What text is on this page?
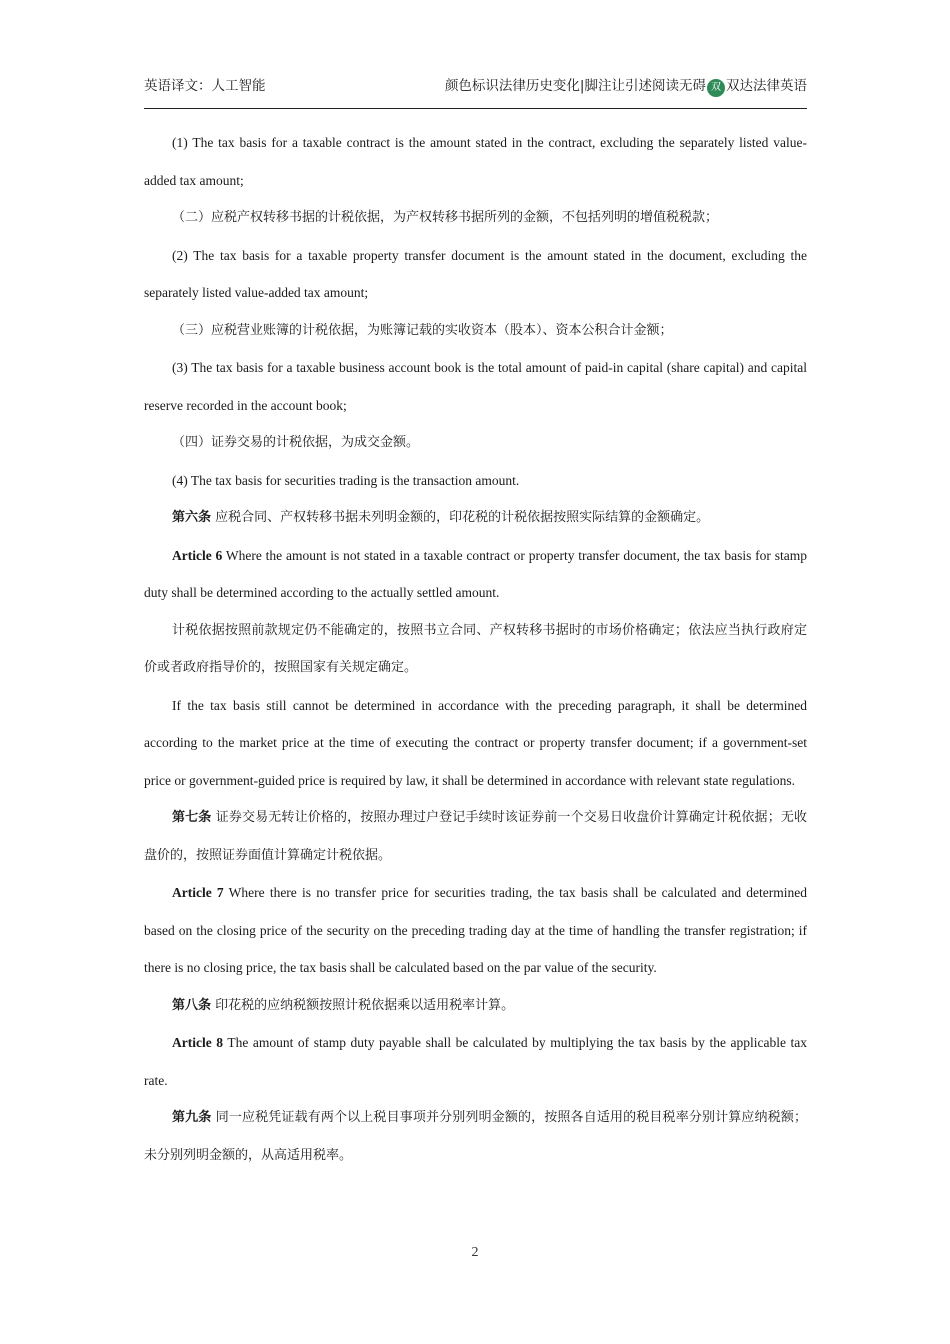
英语译文：人工智能	颜色标识法律历史变化|脚注让引述阅读无碍 双 双达法律英语

(1) The tax basis for a taxable contract is the amount stated in the contract, excluding the separately listed value-added tax amount;

（二）应税产权转移书据的计税依据，为产权转移书据所列的金额，不包括列明的增值税税款；

(2) The tax basis for a taxable property transfer document is the amount stated in the document, excluding the separately listed value-added tax amount;

（三）应税营业账簿的计税依据，为账簿记载的实收资本（股本）、资本公积合计金额；

(3) The tax basis for a taxable business account book is the total amount of paid-in capital (share capital) and capital reserve recorded in the account book;

（四）证券交易的计税依据，为成交金额。

(4) The tax basis for securities trading is the transaction amount.

第六条 应税合同、产权转移书据未列明金额的，印花税的计税依据按照实际结算的金额确定。

Article 6 Where the amount is not stated in a taxable contract or property transfer document, the tax basis for stamp duty shall be determined according to the actually settled amount.

计税依据按照前款规定仍不能确定的，按照书立合同、产权转移书据时的市场价格确定；依法应当执行政府定价或者政府指导价的，按照国家有关规定确定。

If the tax basis still cannot be determined in accordance with the preceding paragraph, it shall be determined according to the market price at the time of executing the contract or property transfer document; if a government-set price or government-guided price is required by law, it shall be determined in accordance with relevant state regulations.

第七条 证券交易无转让价格的，按照办理过户登记手续时该证券前一个交易日收盘价计算确定计税依据；无收盘价的，按照证券面值计算确定计税依据。

Article 7 Where there is no transfer price for securities trading, the tax basis shall be calculated and determined based on the closing price of the security on the preceding trading day at the time of handling the transfer registration; if there is no closing price, the tax basis shall be calculated based on the par value of the security.

第八条 印花税的应纳税额按照计税依据乘以适用税率计算。

Article 8 The amount of stamp duty payable shall be calculated by multiplying the tax basis by the applicable tax rate.

第九条 同一应税凭证载有两个以上税目事项并分别列明金额的，按照各自适用的税目税率分别计算应纳税额；未分别列明金额的，从高适用税率。

2
